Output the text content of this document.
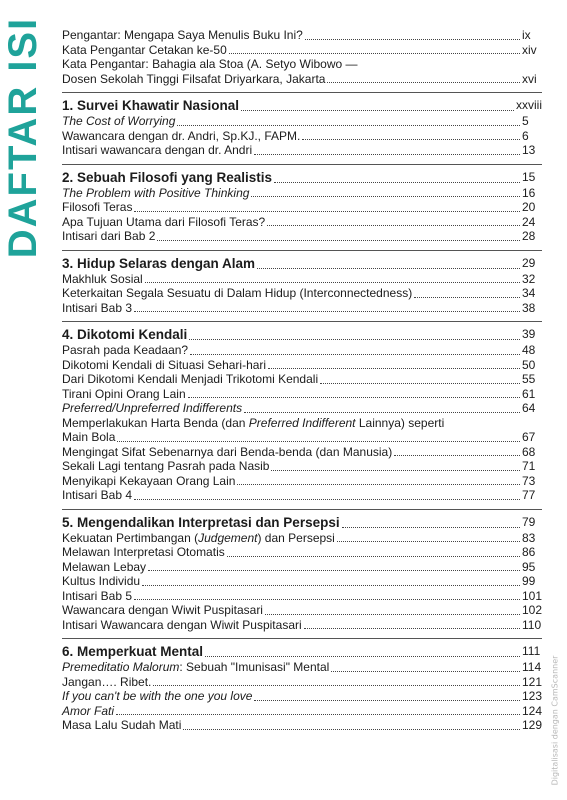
DAFTAR ISI Pengantar: Mengapa Saya Menulis Buku Ini?	ix
Kata Pengantar Cetakan ke-50	xiv
Kata Pengantar: Bahagia ala Stoa (A. Setyo Wibowo —
Dosen Sekolah Tinggi Filsafat Driyarkara, Jakarta	xvi
1. Survei Khawatir Nasional	xxviii
The Cost of Worrying	5
Wawancara dengan dr. Andri, Sp.KJ., FAPM.	6
Intisari wawancara dengan dr. Andri	13
2. Sebuah Filosofi yang Realistis	15
The Problem with Positive Thinking	16
Filosofi Teras	20
Apa Tujuan Utama dari Filosofi Teras?	24
Intisari dari Bab 2	28
3. Hidup Selaras dengan Alam	29
Makhluk Sosial	32
Keterkaitan Segala Sesuatu di Dalam Hidup (Interconnectedness)	34
Intisari Bab 3	38
4. Dikotomi Kendali	39
Pasrah pada Keadaan?	48
Dikotomi Kendali di Situasi Sehari-hari	50
Dari Dikotomi Kendali Menjadi Trikotomi Kendali	55
Tirani Opini Orang Lain	61
Preferred/Unpreferred Indifferents	64
Memperlakukan Harta Benda (dan Preferred Indifferent Lainnya) seperti
Main Bola	67
Mengingat Sifat Sebenarnya dari Benda-benda (dan Manusia)	68
Sekali Lagi tentang Pasrah pada Nasib	71
Menyikapi Kekayaan Orang Lain	73
Intisari Bab 4	77
5. Mengendalikan Interpretasi dan Persepsi	79
Kekuatan Pertimbangan (Judgement) dan Persepsi	83
Melawan Interpretasi Otomatis	86
Melawan Lebay	95
Kultus Individu	99
Intisari Bab 5	101
Wawancara dengan Wiwit Puspitasari	102
Intisari Wawancara dengan Wiwit Puspitasari	110
6. Memperkuat Mental	111
Premeditatio Malorum: Sebuah "Imunisasi" Mental	114
Jangan…. Ribet.	121
If you can't be with the one you love	123
Amor Fati	124
Masa Lalu Sudah Mati	129 Digitalisasi dengan CamScanner
